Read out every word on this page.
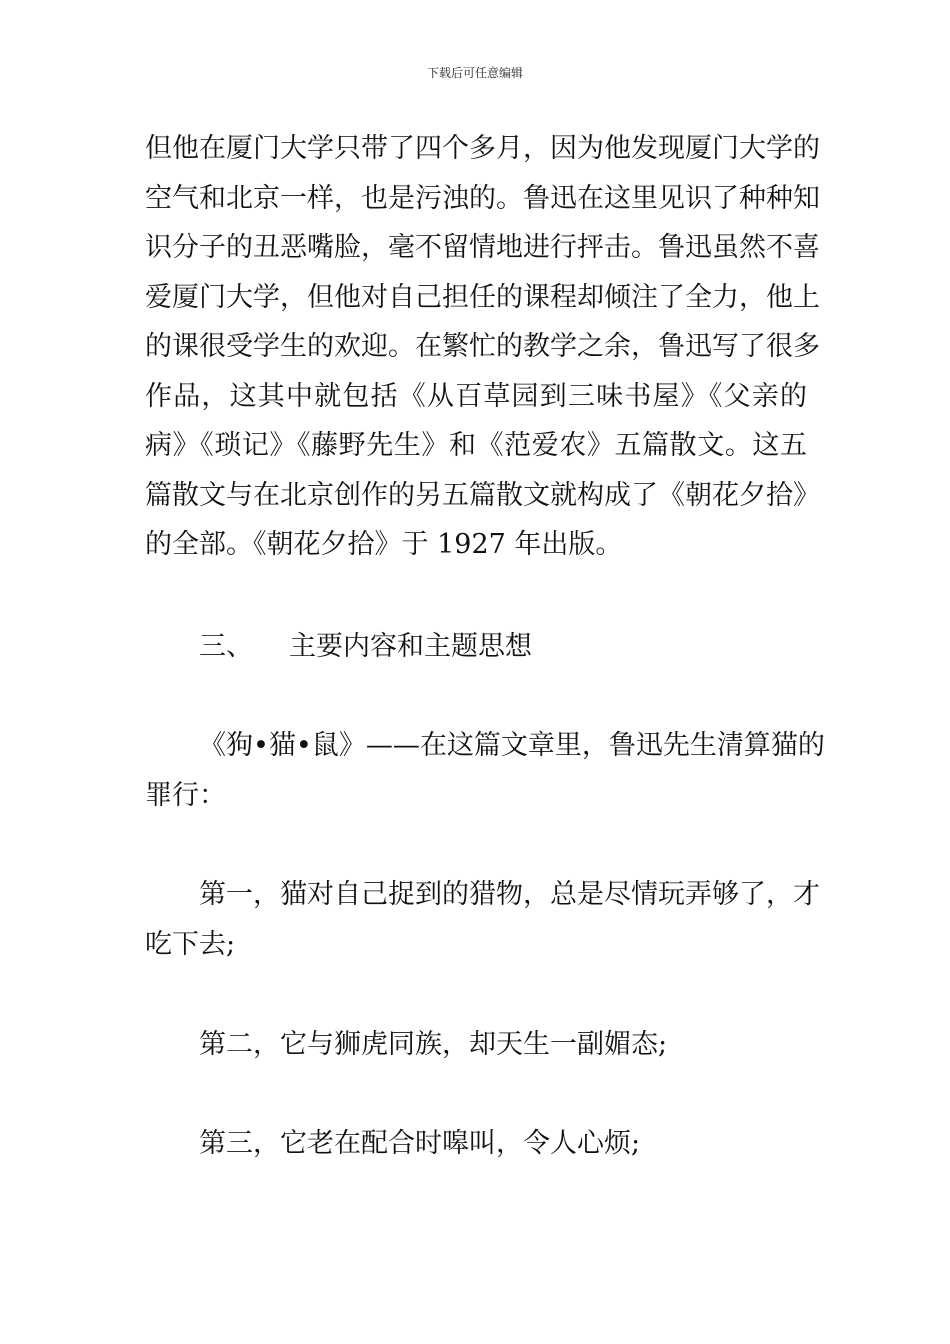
下载后可任意编辑
但他在厦门大学只带了四个多月，因为他发现厦门大学的
空气和北京一样，也是污浊的。鲁迅在这里见识了种种知
识分子的丑恶嘴脸，毫不留情地进行抨击。鲁迅虽然不喜
爱厦门大学，但他对自己担任的课程却倾注了全力，他上
的课很受学生的欢迎。在繁忙的教学之余，鲁迅写了很多
作品，这其中就包括《从百草园到三味书屋》《父亲的
病》《琐记》《藤野先生》和《范爱农》五篇散文。这五
篇散文与在北京创作的另五篇散文就构成了《朝花夕拾》
的全部。《朝花夕拾》于 1927 年出版。
三、 主要内容和主题思想
《狗•猫•鼠》——在这篇文章里，鲁迅先生清算猫的
罪行：
第一，猫对自己捉到的猎物，总是尽情玩弄够了，才
吃下去;
第二，它与狮虎同族，却天生一副媚态;
第三，它老在配合时嗥叫，令人心烦;
